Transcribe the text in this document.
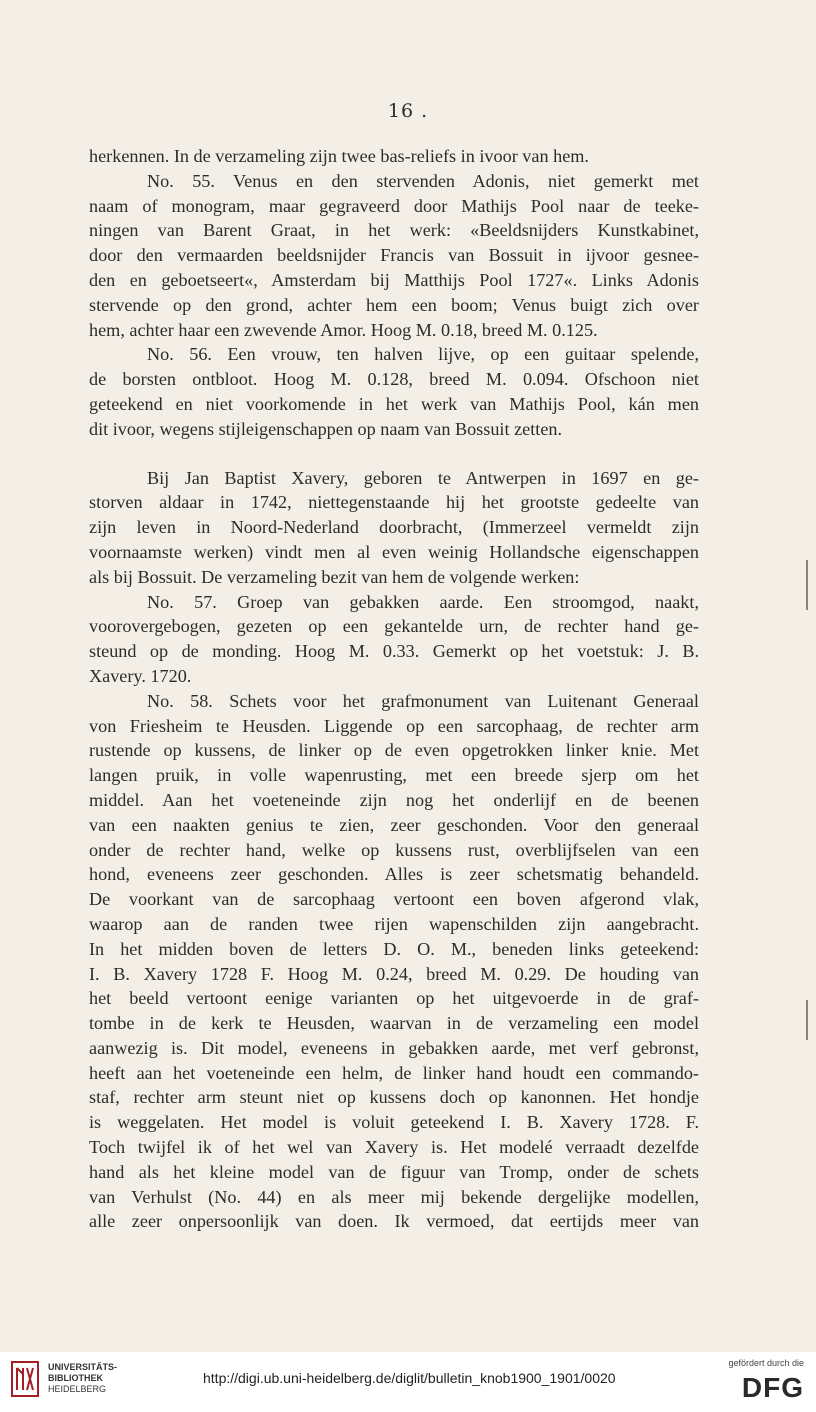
16 .
herkennen. In de verzameling zijn twee bas-reliefs in ivoor van hem.
No. 55. Venus en den stervenden Adonis, niet gemerkt met
naam of monogram, maar gegraveerd door Mathijs Pool naar de teeke-
ningen van Barent Graat, in het werk: «Beeldsnijders Kunstkabinet,
door den vermaarden beeldsnijder Francis van Bossuit in ijvoor gesnee-
den en geboetseert«, Amsterdam bij Matthijs Pool 1727«. Links Adonis
stervende op den grond, achter hem een boom; Venus buigt zich over
hem, achter haar een zwevende Amor. Hoog M. 0.18, breed M. 0.125.
No. 56. Een vrouw, ten halven lijve, op een guitaar spelende,
de borsten ontbloot. Hoog M. 0.128, breed M. 0.094. Ofschoon niet
geteekend en niet voorkomende in het werk van Mathijs Pool, kán men
dit ivoor, wegens stijleigenschappen op naam van Bossuit zetten.
Bij Jan Baptist Xavery, geboren te Antwerpen in 1697 en ge-
storven aldaar in 1742, niettegenstaande hij het grootste gedeelte van
zijn leven in Noord-Nederland doorbracht, (Immerzeel vermeldt zijn
voornaamste werken) vindt men al even weinig Hollandsche eigenschappen
als bij Bossuit. De verzameling bezit van hem de volgende werken:
No. 57. Groep van gebakken aarde. Een stroomgod, naakt,
voorovergebogen, gezeten op een gekantelde urn, de rechter hand ge-
steund op de monding. Hoog M. 0.33. Gemerkt op het voetstuk: J. B.
Xavery. 1720.
No. 58. Schets voor het grafmonument van Luitenant Generaal
von Friesheim te Heusden. Liggende op een sarcophaag, de rechter arm
rustende op kussens, de linker op de even opgetrokken linker knie. Met
langen pruik, in volle wapenrusting, met een breede sjerp om het
middel. Aan het voeteneinde zijn nog het onderlijf en de beenen
van een naakten genius te zien, zeer geschonden. Voor den generaal
onder de rechter hand, welke op kussens rust, overblijfselen van een
hond, eveneens zeer geschonden. Alles is zeer schetsmatig behandeld.
De voorkant van de sarcophaag vertoont een boven afgerond vlak,
waarop aan de randen twee rijen wapenschilden zijn aangebracht.
In het midden boven de letters D. O. M., beneden links geteekend:
I. B. Xavery 1728 F. Hoog M. 0.24, breed M. 0.29. De houding van
het beeld vertoont eenige varianten op het uitgevoerde in de graf-
tombe in de kerk te Heusden, waarvan in de verzameling een model
aanwezig is. Dit model, eveneens in gebakken aarde, met verf gebronst,
heeft aan het voeteneinde een helm, de linker hand houdt een commando-
staf, rechter arm steunt niet op kussens doch op kanonnen. Het hondje
is weggelaten. Het model is voluit geteekend I. B. Xavery 1728. F.
Toch twijfel ik of het wel van Xavery is. Het modelé verraadt dezelfde
hand als het kleine model van de figuur van Tromp, onder de schets
van Verhulst (No. 44) en als meer mij bekende dergelijke modellen,
alle zeer onpersoonlijk van doen. Ik vermoed, dat eertijds meer van
UNIVERSITÄTS-
BIBLIOTHEK
HEIDELBERG
http://digi.ub.uni-heidelberg.de/diglit/bulletin_knob1900_1901/0020
gefördert durch die
DFG
